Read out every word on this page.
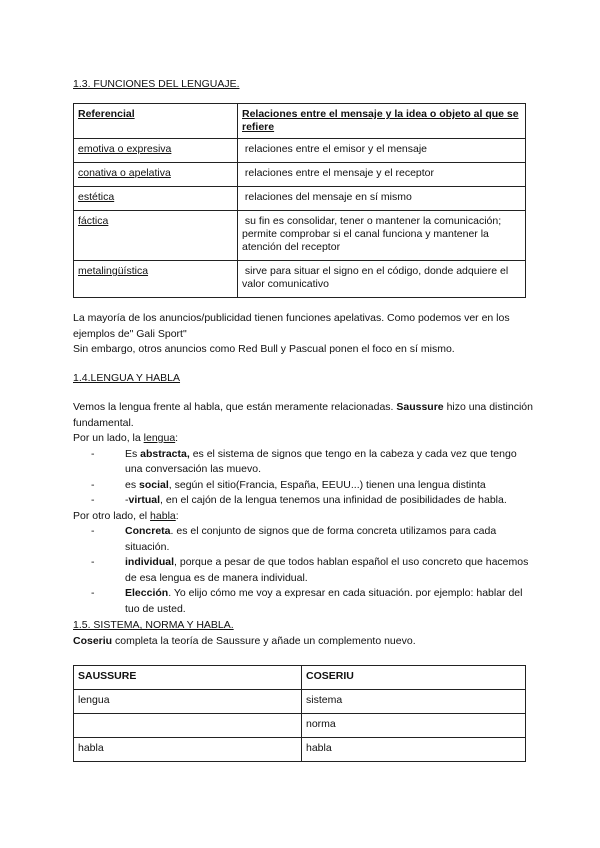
1.3. FUNCIONES DEL LENGUAJE.
Referencial	Relaciones entre el mensaje y la idea o objeto al que se refiere
emotiva o expresiva	relaciones entre el emisor y el mensaje
conativa o apelativa	relaciones entre el mensaje y el receptor
estética	relaciones del mensaje en sí mismo
fáctica	su fin es consolidar, tener o mantener la comunicación; permite comprobar si el canal funciona y mantener la atención del receptor
metalingüística	sirve para situar el signo en el código, donde adquiere el valor comunicativo
La mayoría de los anuncios/publicidad tienen funciones apelativas. Como podemos ver en los ejemplos de" Gali Sport"
Sin embargo, otros anuncios como Red Bull y Pascual ponen el foco en sí mismo.
1.4.LENGUA Y HABLA
Vemos la lengua frente al habla, que están meramente relacionadas. Saussure hizo una distinción fundamental.
Por un lado, la lengua:
- Es abstracta, es el sistema de signos que tengo en la cabeza y cada vez que tengo una conversación las muevo.
- es social, según el sitio(Francia, España, EEUU...) tienen una lengua distinta
- -virtual, en el cajón de la lengua tenemos una infinidad de posibilidades de habla.
Por otro lado, el habla:
- Concreta. es el conjunto de signos que de forma concreta utilizamos para cada situación.
- individual, porque a pesar de que todos hablan español el uso concreto que hacemos de esa lengua es de manera individual.
- Elección. Yo elijo cómo me voy a expresar en cada situación. por ejemplo: hablar del tuo de usted.
1.5. SISTEMA, NORMA Y HABLA.
Coseriu completa la teoría de Saussure y añade un complemento nuevo.
SAUSSURE	COSERIU
lengua	sistema
	norma
habla	habla
